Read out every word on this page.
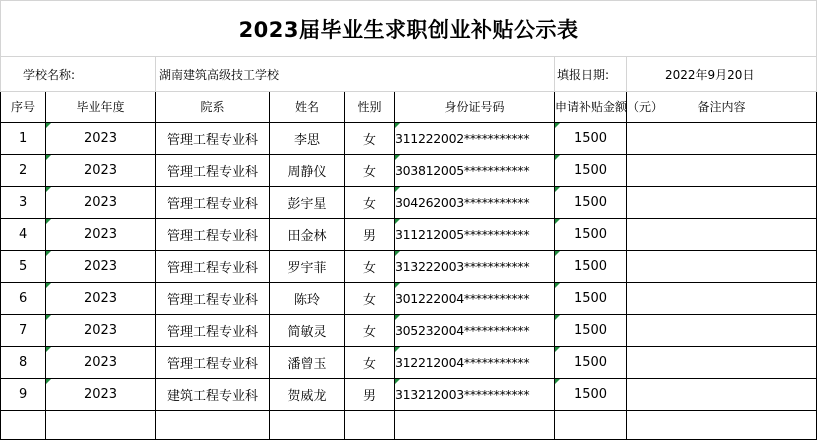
2023届毕业生求职创业补贴公示表							
学校名称:		湖南建筑高级技工学校				填报日期:	2022年9月20日
序号	毕业年度	院系	姓名	性别	身份证号码	申请补贴金额（元）	备注内容
1	2023	管理工程专业科	李思	女	311222002***********	1500	
2	2023	管理工程专业科	周静仪	女	303812005***********	1500	
3	2023	管理工程专业科	彭宇星	女	304262003***********	1500	
4	2023	管理工程专业科	田金林	男	311212005***********	1500	
5	2023	管理工程专业科	罗宇菲	女	313222003***********	1500	
6	2023	管理工程专业科	陈玲	女	301222004***********	1500	
7	2023	管理工程专业科	简敏灵	女	305232004***********	1500	
8	2023	管理工程专业科	潘曾玉	女	312212004***********	1500	
9	2023	建筑工程专业科	贺威龙	男	313212003***********	1500	
